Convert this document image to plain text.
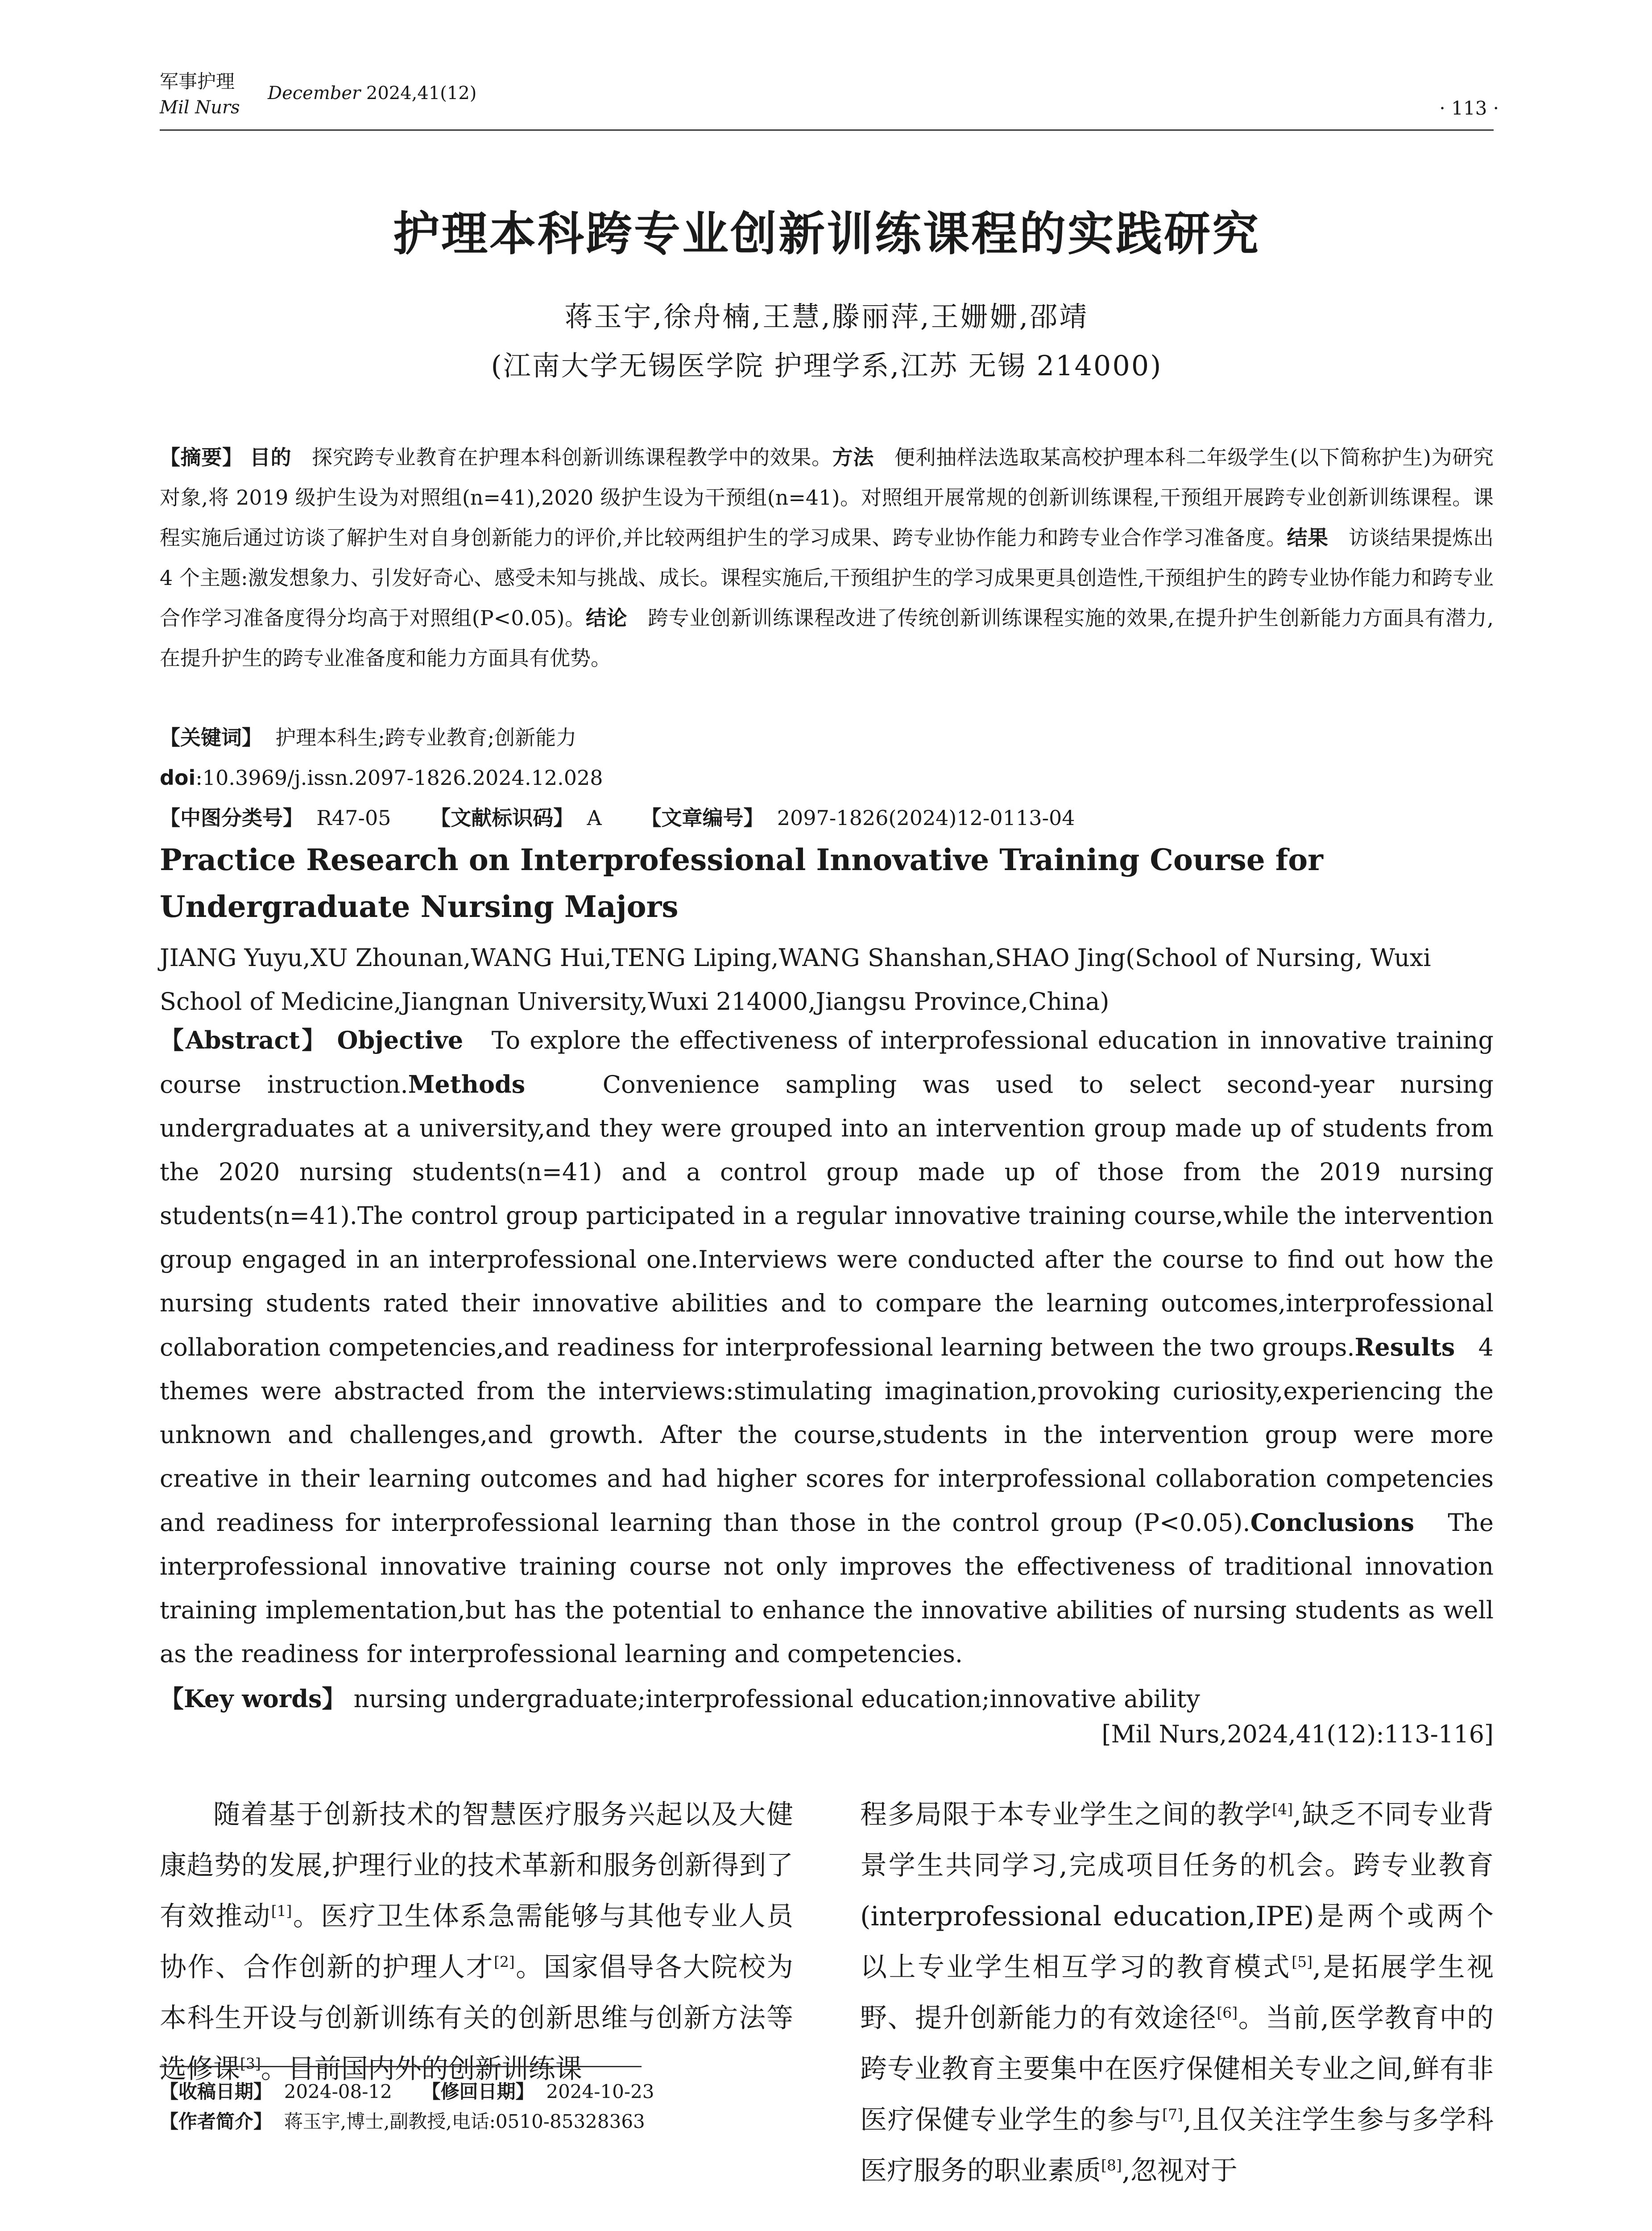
军事护理
Mil Nurs
December 2024,41(12)
· 113 ·
护理本科跨专业创新训练课程的实践研究
蒋玉宇,徐舟楠,王慧,滕丽萍,王姗姗,邵靖
(江南大学无锡医学院 护理学系,江苏 无锡 214000)
【摘要】 目的 探究跨专业教育在护理本科创新训练课程教学中的效果。方法 便利抽样法选取某高校护理本科二年级学生(以下简称护生)为研究对象,将 2019 级护生设为对照组(n=41),2020 级护生设为干预组(n=41)。对照组开展常规的创新训练课程,干预组开展跨专业创新训练课程。课程实施后通过访谈了解护生对自身创新能力的评价,并比较两组护生的学习成果、跨专业协作能力和跨专业合作学习准备度。结果 访谈结果提炼出 4 个主题:激发想象力、引发好奇心、感受未知与挑战、成长。课程实施后,干预组护生的学习成果更具创造性,干预组护生的跨专业协作能力和跨专业合作学习准备度得分均高于对照组(P<0.05)。结论 跨专业创新训练课程改进了传统创新训练课程实施的效果,在提升护生创新能力方面具有潜力,在提升护生的跨专业准备度和能力方面具有优势。
【关键词】 护理本科生;跨专业教育;创新能力
doi:10.3969/j.issn.2097-1826.2024.12.028
【中图分类号】 R47-05 【文献标识码】 A 【文章编号】 2097-1826(2024)12-0113-04
Practice Research on Interprofessional Innovative Training Course for Undergraduate Nursing Majors
JIANG Yuyu,XU Zhounan,WANG Hui,TENG Liping,WANG Shanshan,SHAO Jing(School of Nursing, Wuxi School of Medicine,Jiangnan University,Wuxi 214000,Jiangsu Province,China)
【Abstract】 Objective To explore the effectiveness of interprofessional education in innovative training course instruction.Methods	Convenience sampling was used to select second-year nursing undergraduates at a university,and they were grouped into an intervention group made up of students from the 2020 nursing students(n=41) and a control group made up of those from the 2019 nursing students(n=41).The control group participated in a regular innovative training course,while the intervention group engaged in an interprofessional one.Interviews were conducted after the course to find out how the nursing students rated their innovative abilities and to compare the learning outcomes,interprofessional collaboration competencies,and readiness for interprofessional learning between the two groups.Results 4 themes were abstracted from the interviews:stimulating imagination,provoking curiosity,experiencing the unknown and challenges,and growth. After the course,students in the intervention group were more creative in their learning outcomes and had higher scores for interprofessional collaboration competencies and readiness for interprofessional learning than those in the control group (P<0.05).Conclusions The interprofessional innovative training course not only improves the effectiveness of traditional innovation training implementation,but has the potential to enhance the innovative abilities of nursing students as well as the readiness for interprofessional learning and competencies.
【Key words】 nursing undergraduate;interprofessional education;innovative ability
[Mil Nurs,2024,41(12):113-116]
随着基于创新技术的智慧医疗服务兴起以及大健康趋势的发展,护理行业的技术革新和服务创新得到了有效推动[1]。医疗卫生体系急需能够与其他专业人员协作、合作创新的护理人才[2]。国家倡导各大院校为本科生开设与创新训练有关的创新思维与创新方法等选修课[3]。目前国内外的创新训练课
程多局限于本专业学生之间的教学[4],缺乏不同专业背景学生共同学习,完成项目任务的机会。跨专业教育(interprofessional education,IPE)是两个或两个以上专业学生相互学习的教育模式[5],是拓展学生视野、提升创新能力的有效途径[6]。当前,医学教育中的跨专业教育主要集中在医疗保健相关专业之间,鲜有非医疗保健专业学生的参与[7],且仅关注学生参与多学科医疗服务的职业素质[8],忽视对于
【收稿日期】 2024-08-12 【修回日期】 2024-10-23
【作者简介】 蒋玉宇,博士,副教授,电话:0510-85328363
